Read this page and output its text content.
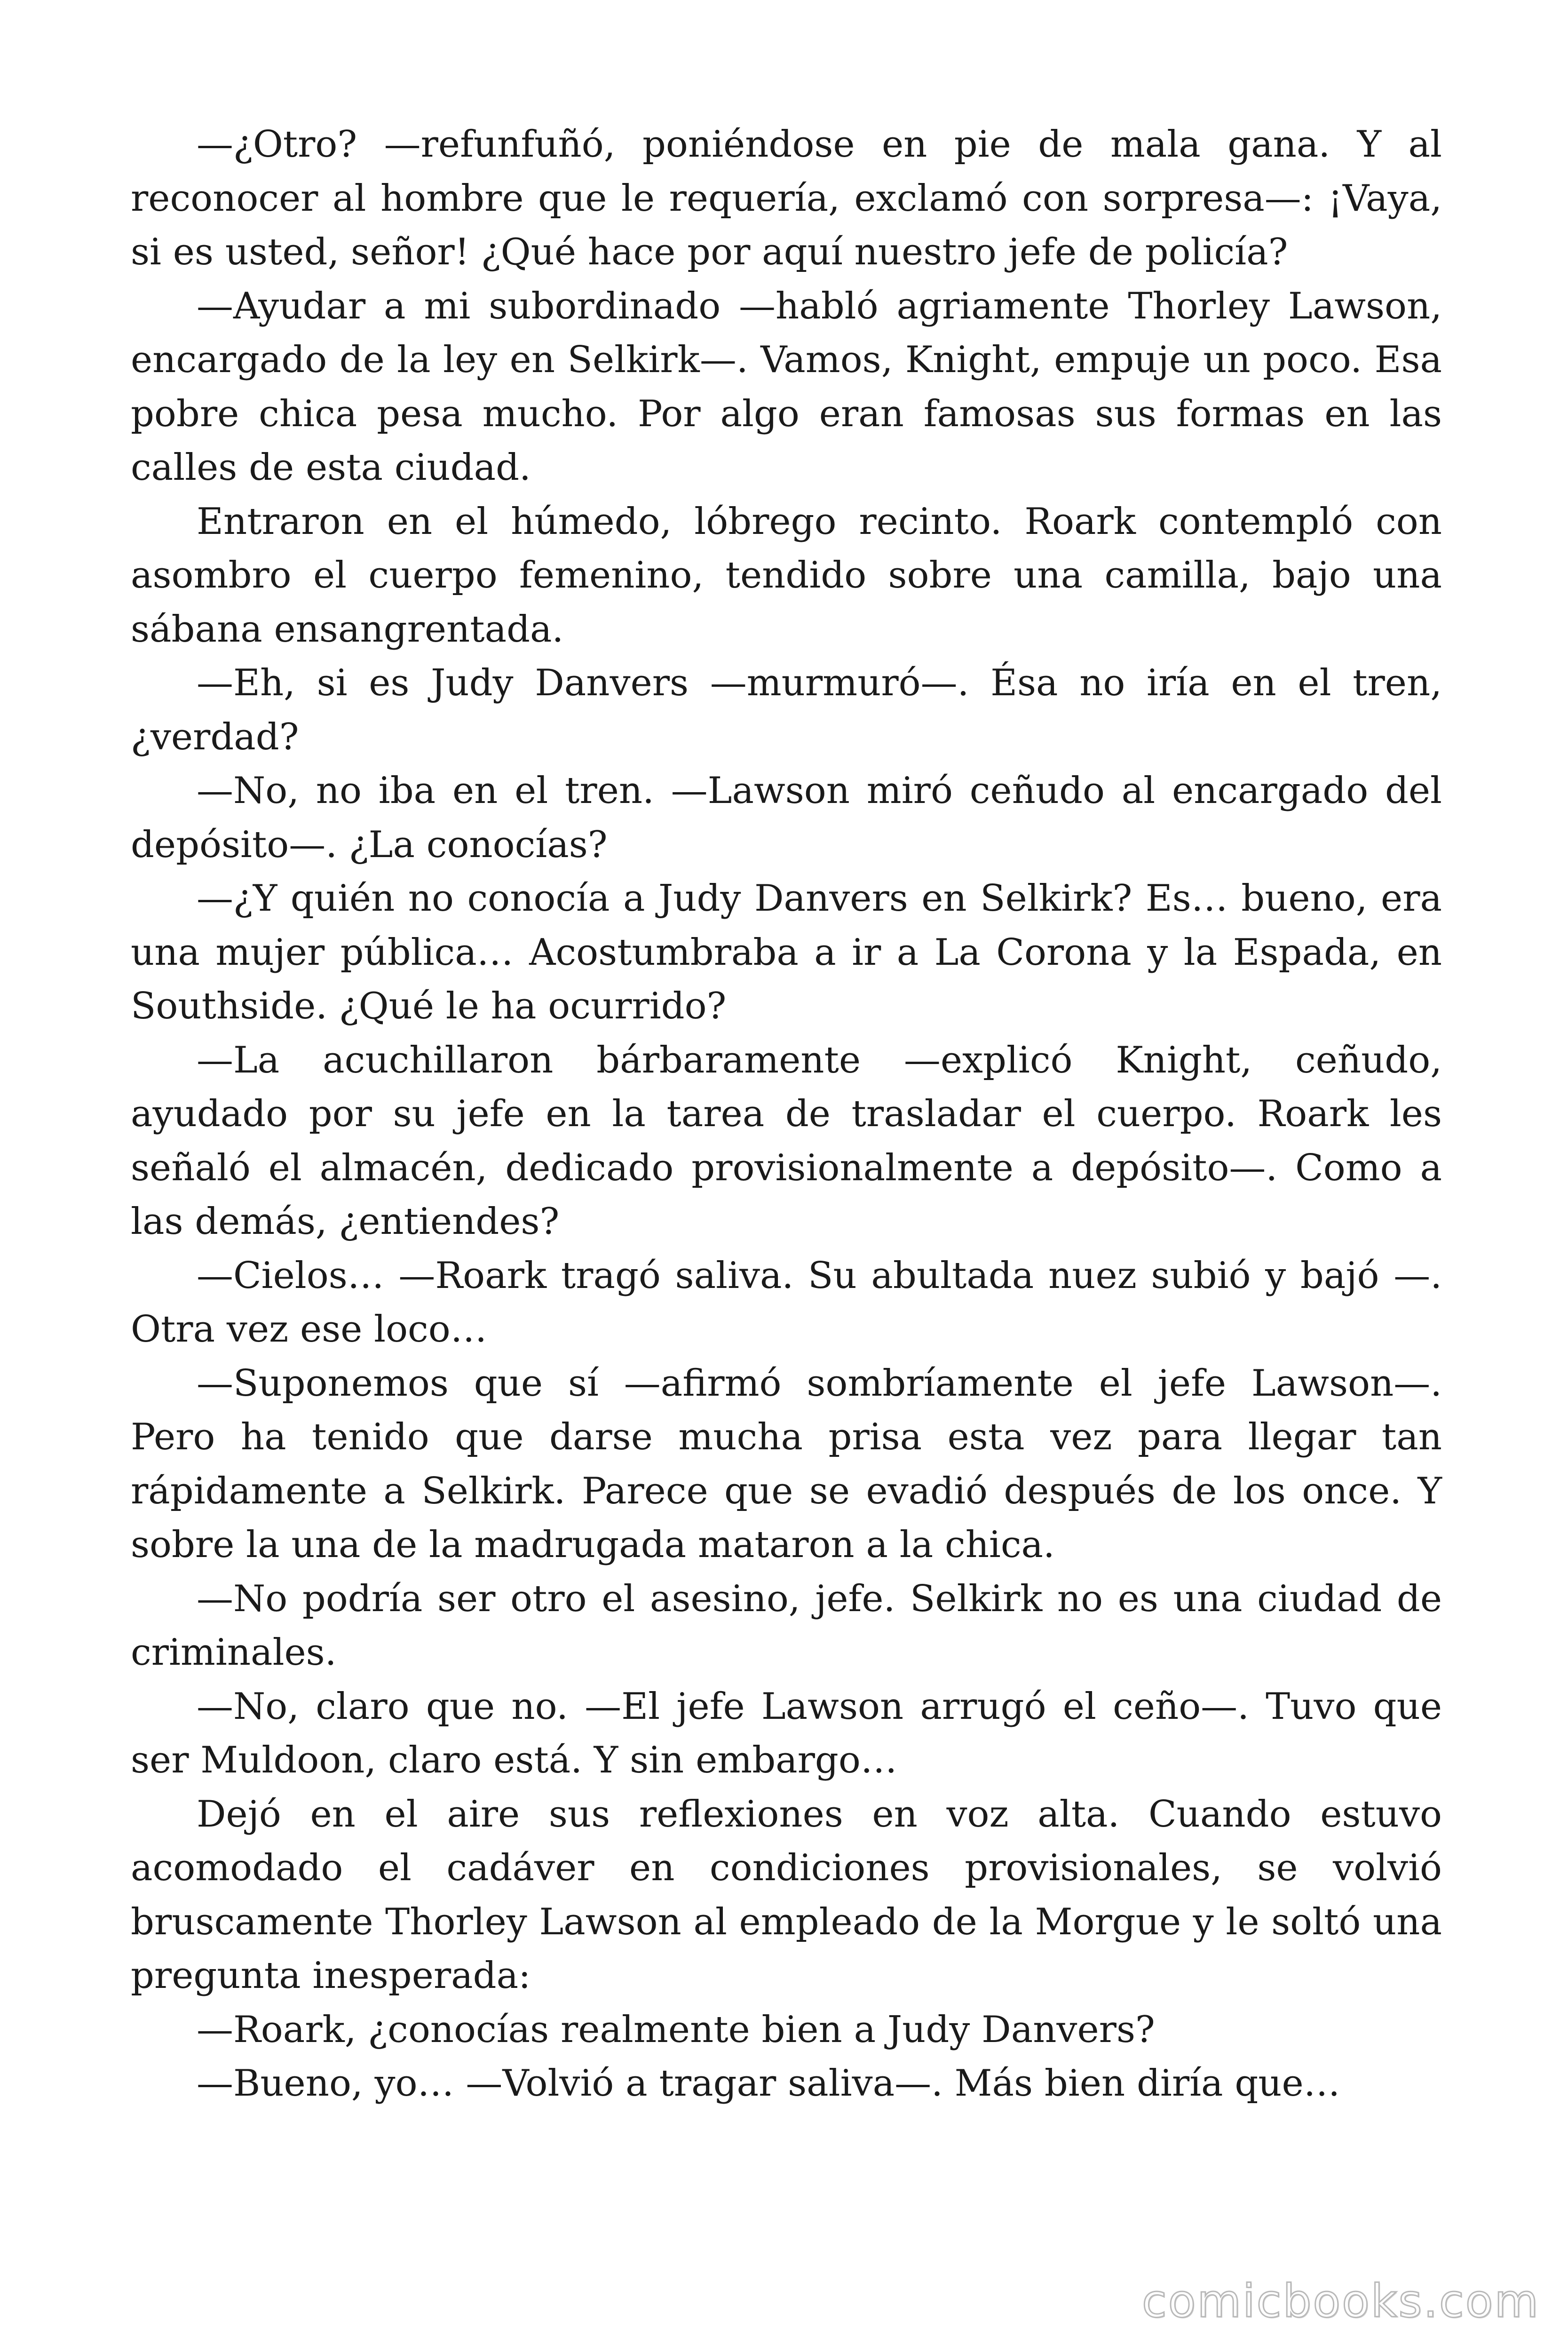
—¿Otro? —refunfuñó, poniéndose en pie de mala gana. Y al reconocer al hombre que le requería, exclamó con sorpresa—: ¡Vaya, si es usted, señor! ¿Qué hace por aquí nuestro jefe de policía?

—Ayudar a mi subordinado —habló agriamente Thorley Lawson, encargado de la ley en Selkirk—. Vamos, Knight, empuje un poco. Esa pobre chica pesa mucho. Por algo eran famosas sus formas en las calles de esta ciudad.

Entraron en el húmedo, lóbrego recinto. Roark contempló con asombro el cuerpo femenino, tendido sobre una camilla, bajo una sábana ensangrentada.

—Eh, si es Judy Danvers —murmuró—. Ésa no iría en el tren, ¿verdad?

—No, no iba en el tren. —Lawson miró ceñudo al encargado del depósito—. ¿La conocías?

—¿Y quién no conocía a Judy Danvers en Selkirk? Es… bueno, era una mujer pública… Acostumbraba a ir a La Corona y la Espada, en Southside. ¿Qué le ha ocurrido?

—La acuchillaron bárbaramente —explicó Knight, ceñudo, ayudado por su jefe en la tarea de trasladar el cuerpo. Roark les señaló el almacén, dedicado provisionalmente a depósito—. Como a las demás, ¿entiendes?

—Cielos… —Roark tragó saliva. Su abultada nuez subió y bajó —. Otra vez ese loco…

—Suponemos que sí —afirmó sombríamente el jefe Lawson—. Pero ha tenido que darse mucha prisa esta vez para llegar tan rápidamente a Selkirk. Parece que se evadió después de los once. Y sobre la una de la madrugada mataron a la chica.

—No podría ser otro el asesino, jefe. Selkirk no es una ciudad de criminales.

—No, claro que no. —El jefe Lawson arrugó el ceño—. Tuvo que ser Muldoon, claro está. Y sin embargo…

Dejó en el aire sus reflexiones en voz alta. Cuando estuvo acomodado el cadáver en condiciones provisionales, se volvió bruscamente Thorley Lawson al empleado de la Morgue y le soltó una pregunta inesperada:

—Roark, ¿conocías realmente bien a Judy Danvers?

—Bueno, yo… —Volvió a tragar saliva—. Más bien diría que…

comicbooks.com
